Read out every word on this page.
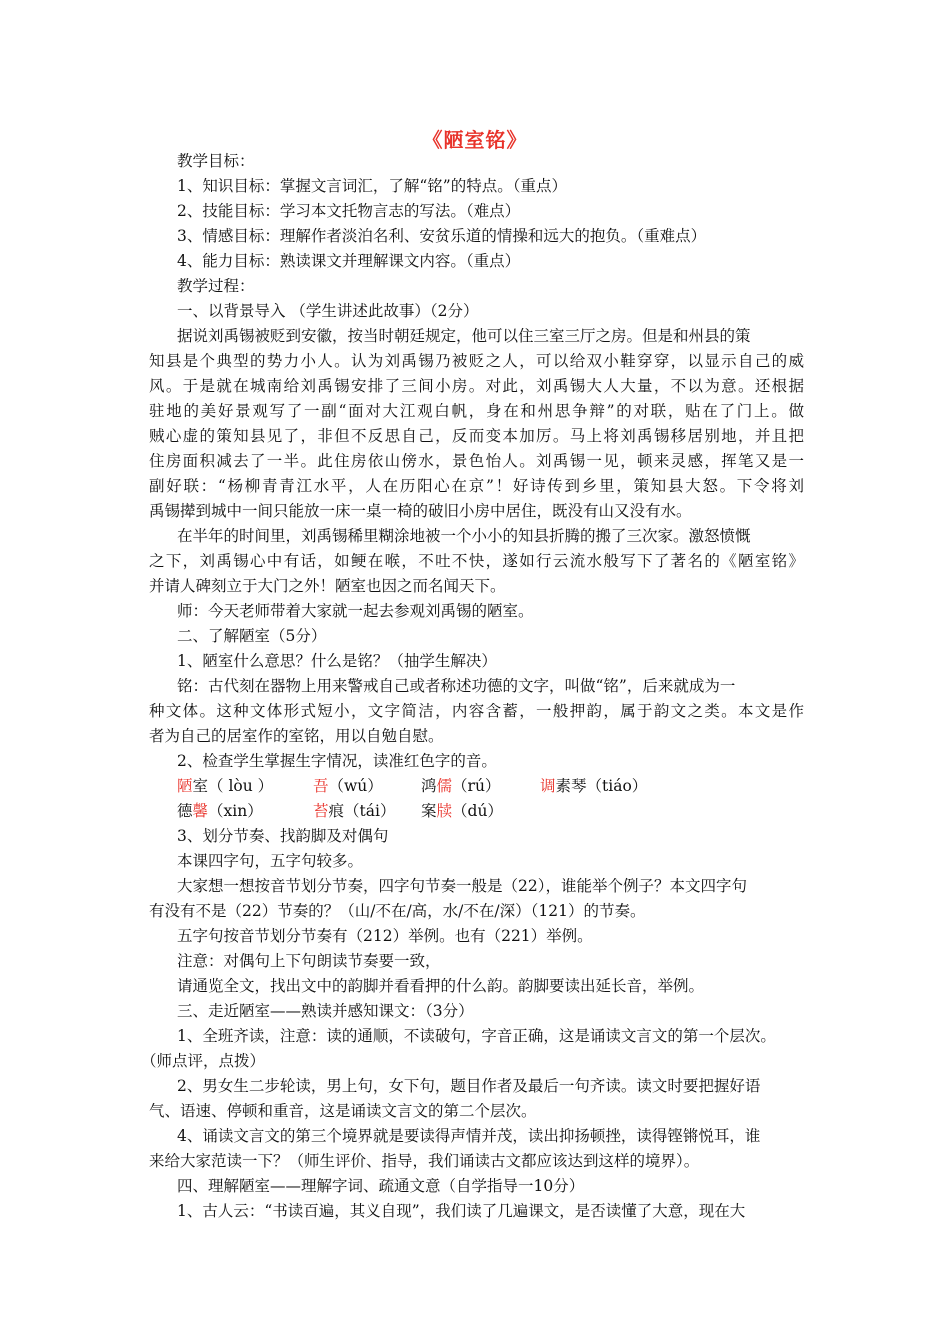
《陋室铭》
教学目标：
1、知识目标：掌握文言词汇，了解“铭”的特点。（重点）
2、技能目标：学习本文托物言志的写法。（难点）
3、情感目标：理解作者淡泊名利、安贫乐道的情操和远大的抱负。（重难点）
4、能力目标：熟读课文并理解课文内容。（重点）
教学过程：
一、以背景导入 （学生讲述此故事）（2分）
据说刘禹锡被贬到安徽，按当时朝廷规定，他可以住三室三厅之房。但是和州县的策
知县是个典型的势力小人。认为刘禹锡乃被贬之人，可以给双小鞋穿穿，以显示自己的威
风。于是就在城南给刘禹锡安排了三间小房。对此，刘禹锡大人大量，不以为意。还根据
驻地的美好景观写了一副“面对大江观白帆，身在和州思争辩”的对联，贴在了门上。做
贼心虚的策知县见了，非但不反思自己，反而变本加厉。马上将刘禹锡移居别地，并且把
住房面积减去了一半。此住房依山傍水，景色怡人。刘禹锡一见，顿来灵感，挥笔又是一
副好联：“杨柳青青江水平，人在历阳心在京”！好诗传到乡里，策知县大怒。下令将刘
禹锡撵到城中一间只能放一床一桌一椅的破旧小房中居住，既没有山又没有水。
在半年的时间里，刘禹锡稀里糊涂地被一个小小的知县折腾的搬了三次家。激怒愤慨
之下，刘禹锡心中有话，如鲠在喉，不吐不快，遂如行云流水般写下了著名的《陋室铭》
并请人碑刻立于大门之外！陋室也因之而名闻天下。
师：今天老师带着大家就一起去参观刘禹锡的陋室。
二、了解陋室（5分）
1、陋室什么意思？什么是铭？（抽学生解决）
铭：古代刻在器物上用来警戒自己或者称述功德的文字，叫做“铭”，后来就成为一
种文体。这种文体形式短小，文字简洁，内容含蓄，一般押韵，属于韵文之类。本文是作
者为自己的居室作的室铭，用以自勉自慰。
2、检查学生掌握生字情况，读准红色字的音。
陋室（ lòu ）	吾（wú） 鸿儒（rú）	调素琴（tiáo）
德馨（xin）	苔痕（tái） 案牍（dú）
3、划分节奏、找韵脚及对偶句
本课四字句，五字句较多。
大家想一想按音节划分节奏，四字句节奏一般是（22），谁能举个例子？本文四字句
有没有不是（22）节奏的？（山/不在/高，水/不在/深）（121）的节奏。
五字句按音节划分节奏有（212）举例。也有（221）举例。
注意：对偶句上下句朗读节奏要一致，
请通览全文，找出文中的韵脚并看看押的什么韵。韵脚要读出延长音，举例。
三、走近陋室——熟读并感知课文：（3分）
1、全班齐读，注意：读的通顺，不读破句，字音正确，这是诵读文言文的第一个层次。
（师点评，点拨）
2、男女生二步轮读，男上句，女下句，题目作者及最后一句齐读。读文时要把握好语
气、语速、停顿和重音，这是诵读文言文的第二个层次。
4、诵读文言文的第三个境界就是要读得声情并茂，读出抑扬顿挫，读得铿锵悦耳，谁
来给大家范读一下？（师生评价、指导，我们诵读古文都应该达到这样的境界）。
四、理解陋室——理解字词、疏通文意（自学指导一10分）
1、古人云：“书读百遍，其义自现”，我们读了几遍课文，是否读懂了大意，现在大
